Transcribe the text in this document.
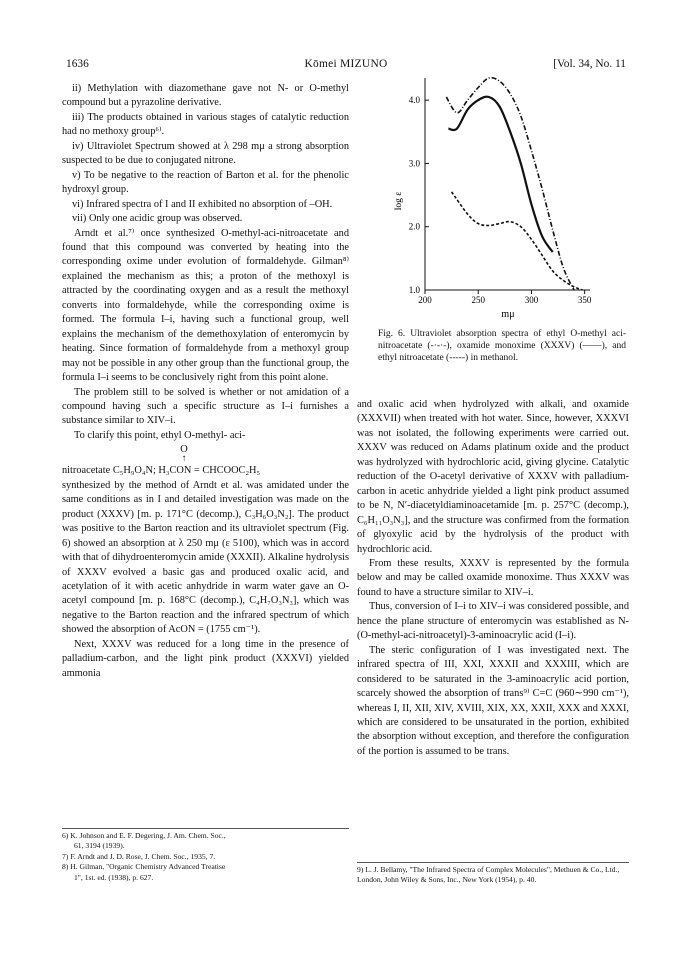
1636	Kōmei MIZUNO	[Vol. 34, No. 11

ii) Methylation with diazomethane gave not N- or O-methyl compound but a pyrazoline derivative.

iii) The products obtained in various stages of catalytic reduction had no methoxy group⁶⁾.

iv) Ultraviolet Spectrum showed at λ 298 mμ a strong absorption suspected to be due to conjugated nitrone.

v) To be negative to the reaction of Barton et al. for the phenolic hydroxyl group.

vi) Infrared spectra of I and II exhibited no absorption of –OH.

vii) Only one acidic group was observed.

Arndt et al.⁷⁾ once synthesized O-methyl-aci-nitroacetate and found that this compound was converted by heating into the corresponding oxime under evolution of formaldehyde. Gilman⁸⁾ explained the mechanism as this; a proton of the methoxyl is attracted by the coordinating oxygen and as a result the methoxyl converts into formaldehyde, while the corresponding oxime is formed. The formula I–i, having such a functional group, well explains the mechanism of the demethoxylation of enteromycin by heating. Since formation of formaldehyde from a methoxyl group may not be possible in any other group than the functional group, the formula I–i seems to be conclusively right from this point alone.

The problem still to be solved is whether or not amidation of a compound having such a specific structure as I–i furnishes a substance similar to XIV–i.

To clarify this point, ethyl O-methyl- aci-

O
↑
nitroacetate C₅H₉O₄N; H₃CON = CHCOOC₂H₅

synthesized by the method of Arndt et al. was amidated under the same conditions as in I and detailed investigation was made on the product (XXXV) [m. p. 171°C (decomp.), C₃H₆O₃N₂]. The product was positive to the Barton reaction and its ultraviolet spectrum (Fig. 6) showed an absorption at λ 250 mμ (ε 5100), which was in accord with that of dihydroenteromycin amide (XXXII). Alkaline hydrolysis of XXXV evolved a basic gas and produced oxalic acid, and acetylation of it with acetic anhydride in warm water gave an O-acetyl compound [m. p. 168°C (decomp.), C₄H₇O₃N₃], which was negative to the Barton reaction and the infrared spectrum of which showed the absorption of AcON = (1755 cm⁻¹).

Next, XXXV was reduced for a long time in the presence of palladium-carbon, and the light pink product (XXXVI) yielded ammonia

6) K. Johnson and E. F. Degering, J. Am. Chem. Soc.,

61, 3194 (1939).

7) F. Arndt and J. D. Rose, J. Chem. Soc., 1935, 7.

8) H. Gilman, "Organic Chemistry Advanced Treatise

1", 1st. ed. (1938), p. 627.

200	250	300	350
1.0
2.0
3.0
4.0
mμ
log ε

Fig. 6. Ultraviolet absorption spectra of ethyl O-methyl aci-nitroacetate (-·-·-), oxamide monoxime (XXXV) (——), and ethyl nitroacetate (-----) in methanol.

and oxalic acid when hydrolyzed with alkali, and oxamide (XXXVII) when treated with hot water. Since, however, XXXVI was not isolated, the following experiments were carried out. XXXV was reduced on Adams platinum oxide and the product was hydrolyzed with hydrochloric acid, giving glycine. Catalytic reduction of the O-acetyl derivative of XXXV with palladium-carbon in acetic anhydride yielded a light pink product assumed to be N, N′-diacetyldiaminoacetamide [m. p. 257°C (decomp.), C₆H₁₁O₃N₃], and the structure was confirmed from the formation of glyoxylic acid by the hydrolysis of the product with hydrochloric acid.

From these results, XXXV is represented by the formula below and may be called oxamide monoxime. Thus XXXV was found to have a structure similar to XIV–i.

Thus, conversion of I–i to XIV–i was considered possible, and hence the plane structure of enteromycin was established as N-(O-methyl-aci-nitroacetyl)-3-aminoacrylic acid (I–i).

The steric configuration of I was investigated next. The infrared spectra of III, XXI, XXXII and XXXIII, which are considered to be saturated in the 3-aminoacrylic acid portion, scarcely showed the absorption of trans⁹⁾ C=C (960∼990 cm⁻¹), whereas I, II, XII, XIV, XVIII, XIX, XX, XXII, XXX and XXXI, which are considered to be unsaturated in the portion, exhibited the absorption without exception, and therefore the configuration of the portion is assumed to be trans.

9) L. J. Bellamy, "The Infrared Spectra of Complex Molecules", Methuen & Co., Ltd., London, John Wiley & Sons, Inc., New York (1954), p. 40.
